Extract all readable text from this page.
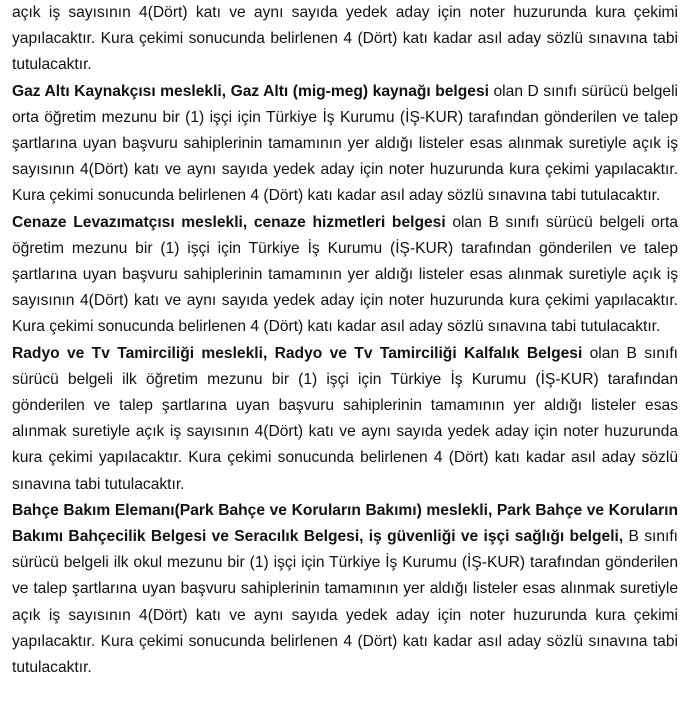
açık iş sayısının 4(Dört) katı ve aynı sayıda yedek aday için noter huzurunda kura çekimi yapılacaktır. Kura çekimi sonucunda belirlenen 4 (Dört) katı kadar asıl aday sözlü sınavına tabi tutulacaktır.

Gaz Altı Kaynakçısı meslekli, Gaz Altı (mig-meg) kaynağı belgesi olan D sınıfı sürücü belgeli orta öğretim mezunu bir (1) işçi için Türkiye İş Kurumu (İŞ-KUR) tarafından gönderilen ve talep şartlarına uyan başvuru sahiplerinin tamamının yer aldığı listeler esas alınmak suretiyle açık iş sayısının 4(Dört) katı ve aynı sayıda yedek aday için noter huzurunda kura çekimi yapılacaktır. Kura çekimi sonucunda belirlenen 4 (Dört) katı kadar asıl aday sözlü sınavına tabi tutulacaktır.

Cenaze Levazımatçısı meslekli, cenaze hizmetleri belgesi olan B sınıfı sürücü belgeli orta öğretim mezunu bir (1) işçi için Türkiye İş Kurumu (İŞ-KUR) tarafından gönderilen ve talep şartlarına uyan başvuru sahiplerinin tamamının yer aldığı listeler esas alınmak suretiyle açık iş sayısının 4(Dört) katı ve aynı sayıda yedek aday için noter huzurunda kura çekimi yapılacaktır. Kura çekimi sonucunda belirlenen 4 (Dört) katı kadar asıl aday sözlü sınavına tabi tutulacaktır.

Radyo ve Tv Tamirciliği meslekli, Radyo ve Tv Tamirciliği Kalfalık Belgesi olan B sınıfı sürücü belgeli ilk öğretim mezunu bir (1) işçi için Türkiye İş Kurumu (İŞ-KUR) tarafından gönderilen ve talep şartlarına uyan başvuru sahiplerinin tamamının yer aldığı listeler esas alınmak suretiyle açık iş sayısının 4(Dört) katı ve aynı sayıda yedek aday için noter huzurunda kura çekimi yapılacaktır. Kura çekimi sonucunda belirlenen 4 (Dört) katı kadar asıl aday sözlü sınavına tabi tutulacaktır.

Bahçe Bakım Elemanı(Park Bahçe ve Koruların Bakımı) meslekli, Park Bahçe ve Koruların Bakımı Bahçecilik Belgesi ve Seracılık Belgesi, iş güvenliği ve işçi sağlığı belgeli, B sınıfı sürücü belgeli ilk okul mezunu bir (1) işçi için Türkiye İş Kurumu (İŞ-KUR) tarafından gönderilen ve talep şartlarına uyan başvuru sahiplerinin tamamının yer aldığı listeler esas alınmak suretiyle açık iş sayısının 4(Dört) katı ve aynı sayıda yedek aday için noter huzurunda kura çekimi yapılacaktır. Kura çekimi sonucunda belirlenen 4 (Dört) katı kadar asıl aday sözlü sınavına tabi tutulacaktır.
